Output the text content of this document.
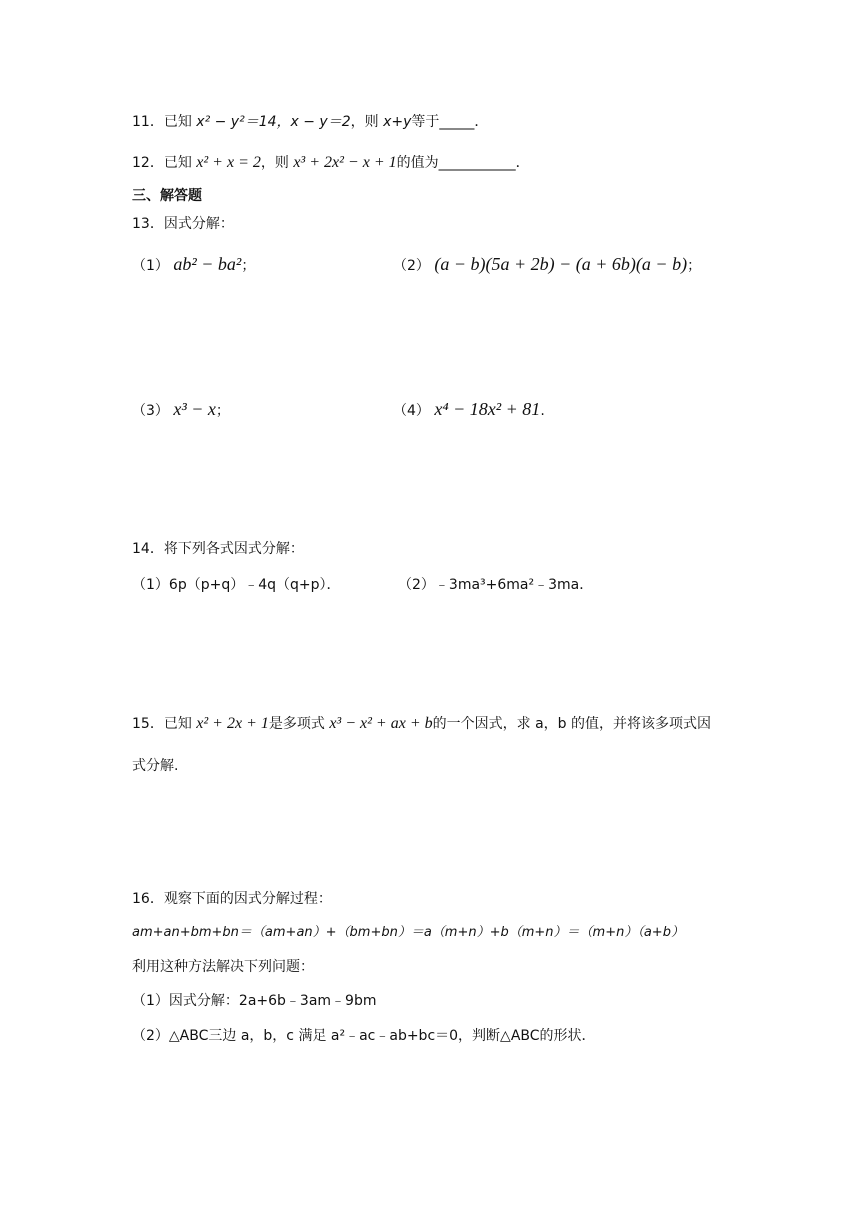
11．已知 x² − y²＝14，x − y＝2，则 x+y等于_____．
12．已知 x² + x = 2，则 x³ + 2x² − x + 1的值为___________．
三、解答题
13．因式分解：
（1） ab² − ba²；	（2） (a − b)(5a + 2b) − (a + 6b)(a − b)；
（3） x³ − x；	（4） x⁴ − 18x² + 81.
14．将下列各式因式分解：
（1）6p（p+q）﹣4q（q+p）．	（2）﹣3ma³+6ma²﹣3ma．
15．已知 x² + 2x + 1是多项式 x³ − x² + ax + b的一个因式，求 a，b 的值，并将该多项式因
式分解.
16．观察下面的因式分解过程：
am+an+bm+bn＝（am+an）+（bm+bn）＝a（m+n）+b（m+n）＝（m+n）（a+b）
利用这种方法解决下列问题：
（1）因式分解：2a+6b﹣3am﹣9bm
（2）△ABC三边 a，b，c 满足 a²﹣ac﹣ab+bc＝0，判断△ABC的形状．
